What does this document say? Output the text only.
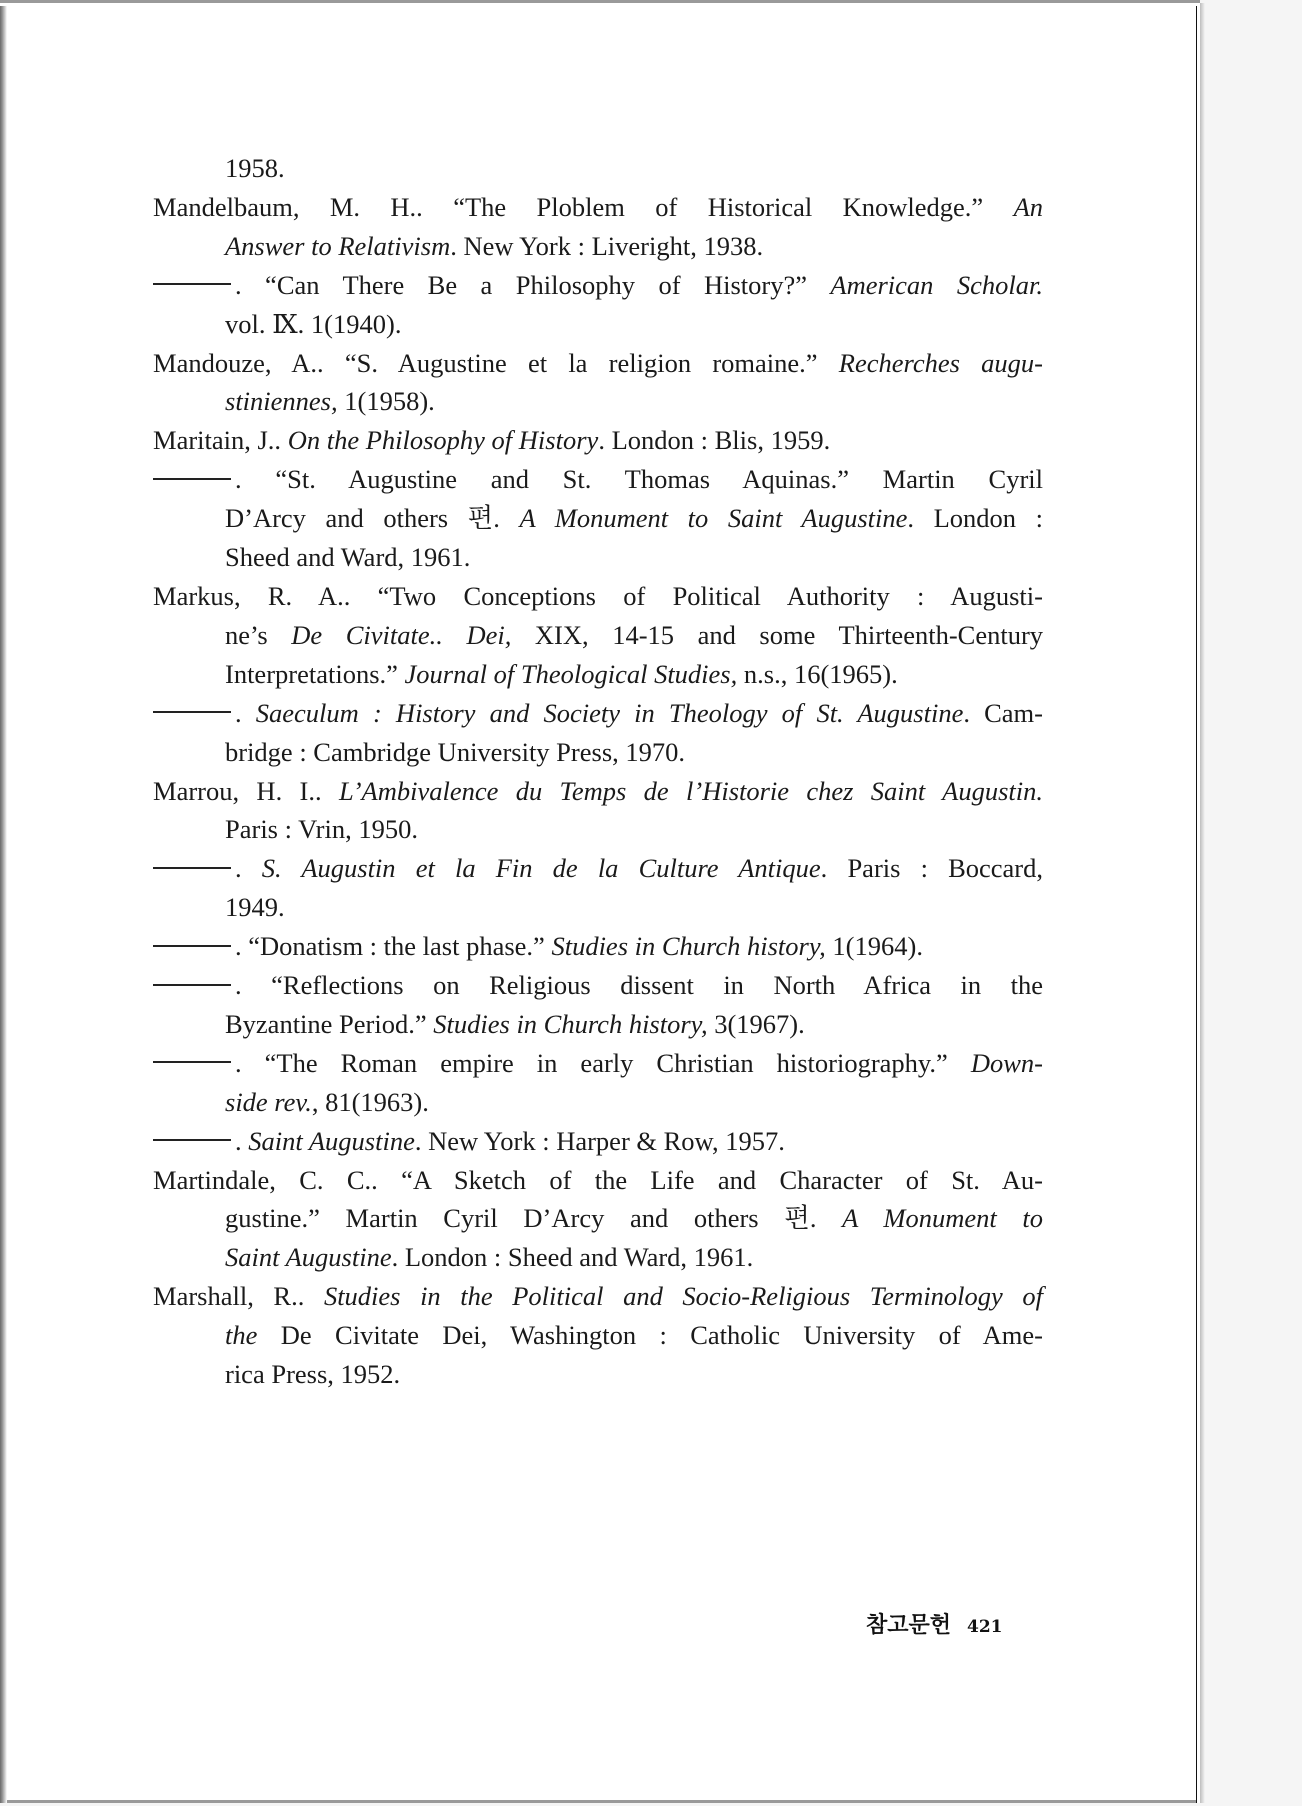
1958.
Mandelbaum, M. H.. “The Ploblem of Historical Knowledge.” An
Answer to Relativism. New York : Liveright, 1938.
. “Can There Be a Philosophy of History?” American Scholar.
vol. Ⅸ. 1(1940).
Mandouze, A.. “S. Augustine et la religion romaine.” Recherches augu-
stiniennes, 1(1958).
Maritain, J.. On the Philosophy of History. London : Blis, 1959.
. “St. Augustine and St. Thomas Aquinas.” Martin Cyril
D’Arcy and others 편. A Monument to Saint Augustine. London :
Sheed and Ward, 1961.
Markus, R. A.. “Two Conceptions of Political Authority : Augusti-
ne’s De Civitate.. Dei, XIX, 14-15 and some Thirteenth-Century
Interpretations.” Journal of Theological Studies, n.s., 16(1965).
. Saeculum : History and Society in Theology of St. Augustine. Cam-
bridge : Cambridge University Press, 1970.
Marrou, H. I.. L’Ambivalence du Temps de l’Historie chez Saint Augustin.
Paris : Vrin, 1950.
. S. Augustin et la Fin de la Culture Antique. Paris : Boccard,
1949.
. “Donatism : the last phase.” Studies in Church history, 1(1964).
. “Reflections on Religious dissent in North Africa in the
Byzantine Period.” Studies in Church history, 3(1967).
. “The Roman empire in early Christian historiography.” Down-
side rev., 81(1963).
. Saint Augustine. New York : Harper & Row, 1957.
Martindale, C. C.. “A Sketch of the Life and Character of St. Au-
gustine.” Martin Cyril D’Arcy and others 편. A Monument to
Saint Augustine. London : Sheed and Ward, 1961.
Marshall, R.. Studies in the Political and Socio-Religious Terminology of
the De Civitate Dei, Washington : Catholic University of Ame-
rica Press, 1952.
참고문헌 421
